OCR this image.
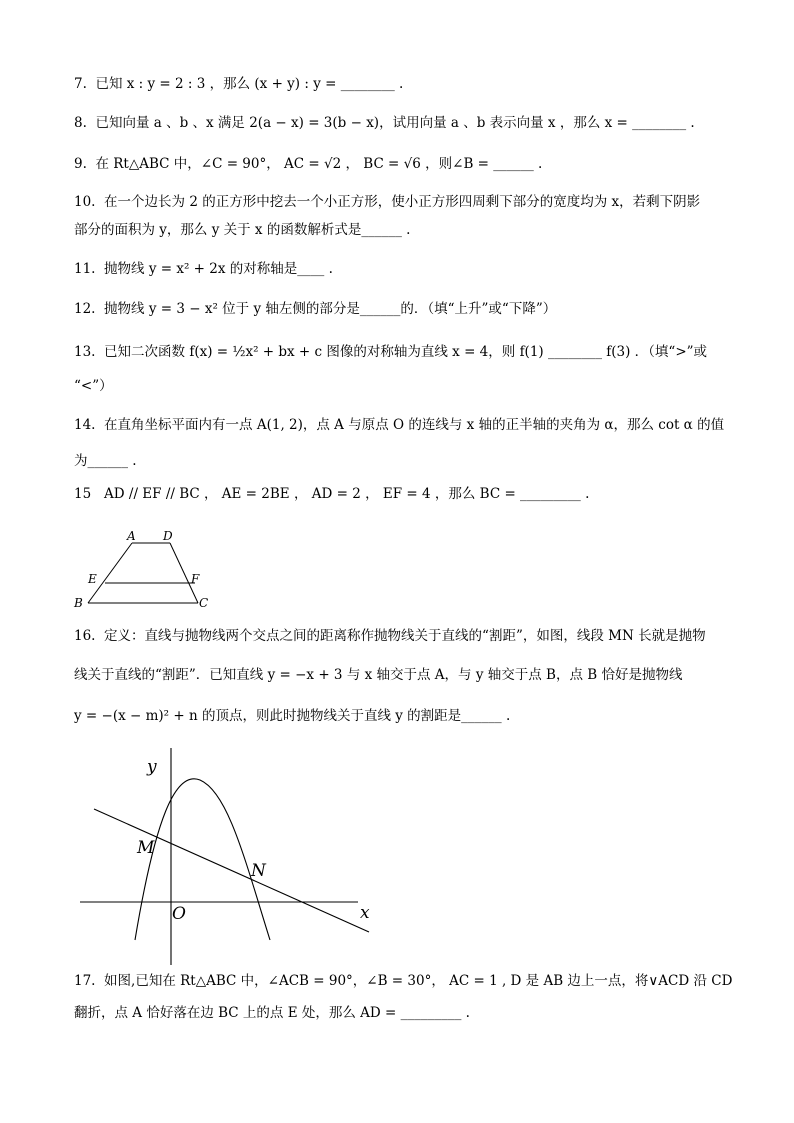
7.  已知 x : y = 2 : 3 ，那么 (x + y) : y = ________ .
8.  已知向量 a 、b 、x 满足 2(a − x) = 3(b − x)，试用向量 a 、b 表示向量 x ，那么 x = ________ .
9.  在 Rt△ABC 中，∠C = 90°， AC = √2 ， BC = √6 ，则∠B = ______ .
10.  在一个边长为 2 的正方形中挖去一个小正方形，使小正方形四周剩下部分的宽度均为 x，若剩下阴影
部分的面积为 y，那么 y 关于 x 的函数解析式是______ .
11.  抛物线 y = x² + 2x 的对称轴是____ .
12.  抛物线 y = 3 − x² 位于 y 轴左侧的部分是______的．（填“上升”或“下降”）
13.  已知二次函数 f(x) = ½x² + bx + c 图像的对称轴为直线 x = 4，则 f(1) ________ f(3) ．（填“>”或
“<”）
14.  在直角坐标平面内有一点 A(1, 2)，点 A 与原点 O 的连线与 x 轴的正半轴的夹角为 α，那么 cot α 的值
为______ .
15   AD // EF // BC ， AE = 2BE ， AD = 2 ， EF = 4 ，那么 BC = _________ .
A D
E	F
B	C
16.  定义：直线与抛物线两个交点之间的距离称作抛物线关于直线的“割距”，如图，线段 MN 长就是抛物
线关于直线的“割距”．已知直线 y = −x + 3 与 x 轴交于点 A，与 y 轴交于点 B，点 B 恰好是抛物线
y = −(x − m)² + n 的顶点，则此时抛物线关于直线 y 的割距是______ .
y
x
M
N
O
17.  如图,已知在 Rt△ABC 中，∠ACB = 90°，∠B = 30°， AC = 1 , D 是 AB 边上一点，将∨ACD 沿 CD
翻折，点 A 恰好落在边 BC 上的点 E 处，那么 AD = _________ .
